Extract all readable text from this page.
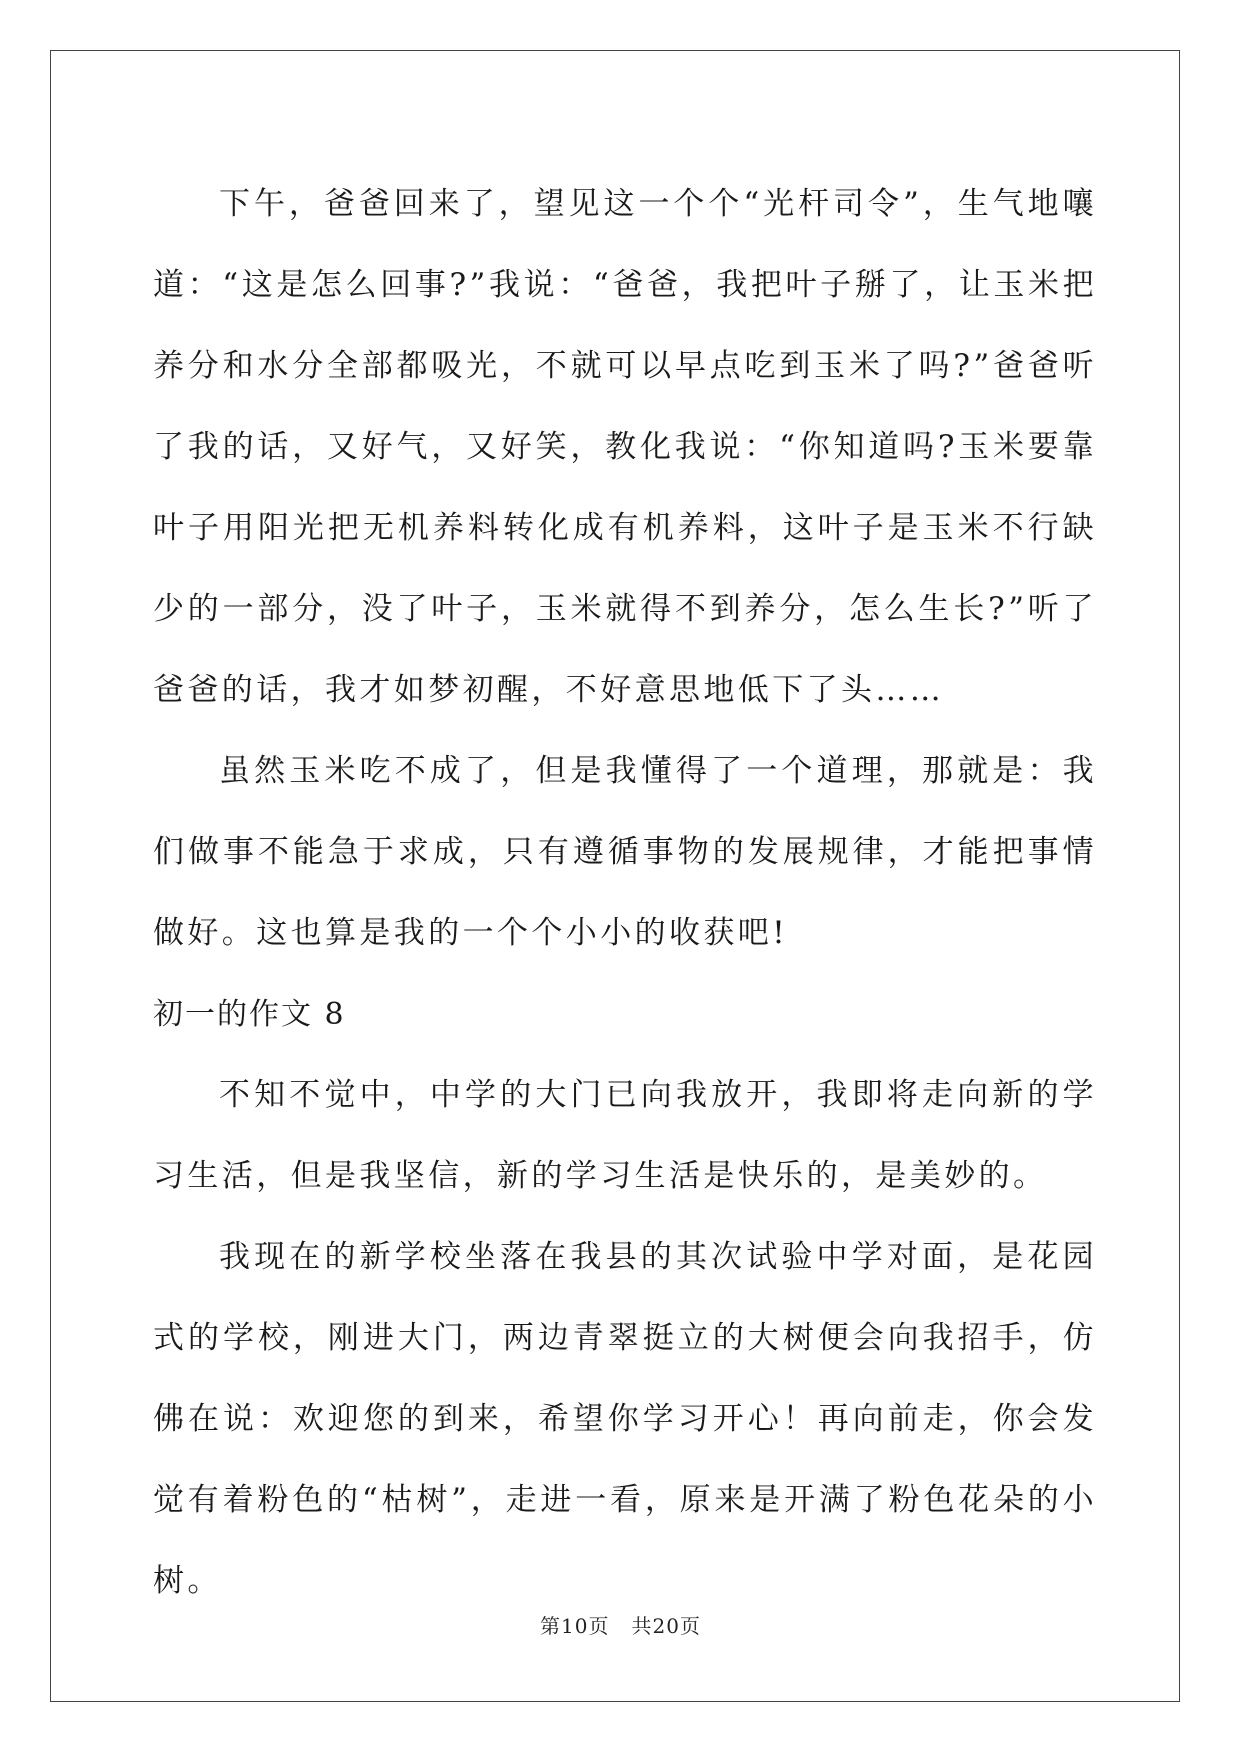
下午，爸爸回来了，望见这一个个“光杆司令”，生气地嚷道：“这是怎么回事?”我说：“爸爸，我把叶子掰了，让玉米把养分和水分全部都吸光，不就可以早点吃到玉米了吗?”爸爸听了我的话，又好气，又好笑，教化我说：“你知道吗?玉米要靠叶子用阳光把无机养料转化成有机养料，这叶子是玉米不行缺少的一部分，没了叶子，玉米就得不到养分，怎么生长?”听了爸爸的话，我才如梦初醒，不好意思地低下了头……

虽然玉米吃不成了，但是我懂得了一个道理，那就是：我们做事不能急于求成，只有遵循事物的发展规律，才能把事情做好。这也算是我的一个个小小的收获吧!

初一的作文 8

不知不觉中，中学的大门已向我放开，我即将走向新的学习生活，但是我坚信，新的学习生活是快乐的，是美妙的。

我现在的新学校坐落在我县的其次试验中学对面，是花园式的学校，刚进大门，两边青翠挺立的大树便会向我招手，仿佛在说：欢迎您的到来，希望你学习开心！再向前走，你会发觉有着粉色的“枯树”，走进一看，原来是开满了粉色花朵的小树。

第10页 共20页
